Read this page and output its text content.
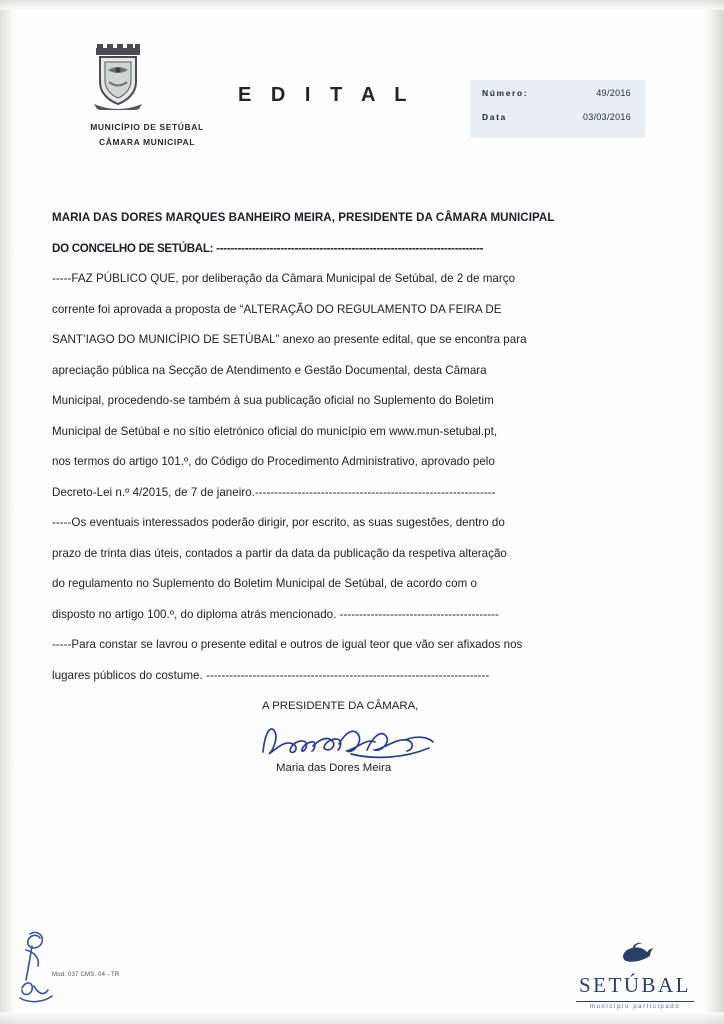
MUNICÍPIO DE SETÚBAL
CÂMARA MUNICIPAL
E D I T A L	Número:	49/2016
Data	03/03/2016
MARIA DAS DORES MARQUES BANHEIRO MEIRA, PRESIDENTE DA CÂMARA MUNICIPAL
DO CONCELHO DE SETÚBAL: ---------------------------------------------------------------------------
-----FAZ PÚBLICO QUE, por deliberação da Câmara Municipal de Setúbal, de 2 de março
corrente foi aprovada a proposta de “ALTERAÇÃO DO REGULAMENTO DA FEIRA DE
SANT’IAGO DO MUNICÍPIO DE SETÚBAL” anexo ao presente edital, que se encontra para
apreciação pública na Secção de Atendimento e Gestão Documental, desta Câmara
Municipal, procedendo-se também à sua publicação oficial no Suplemento do Boletim
Municipal de Setúbal e no sítio eletrónico oficial do município em www.mun-setubal.pt,
nos termos do artigo 101.º, do Código do Procedimento Administrativo, aprovado pelo
Decreto-Lei n.º 4/2015, de 7 de janeiro.--------------------------------------------------------------
-----Os eventuais interessados poderão dirigir, por escrito, as suas sugestões, dentro do
prazo de trinta dias úteis, contados a partir da data da publicação da respetiva alteração
do regulamento no Suplemento do Boletim Municipal de Setúbal, de acordo com o
disposto no artigo 100.º, do diploma atrás mencionado. -----------------------------------------
-----Para constar se lavrou o presente edital e outros de igual teor que vão ser afixados nos
lugares públicos do costume. -------------------------------------------------------------------------
A PRESIDENTE DA CÂMARA,
Maria das Dores Meira
Mod. 037 CMS. 04 - TR	SETÚBAL
município participado
